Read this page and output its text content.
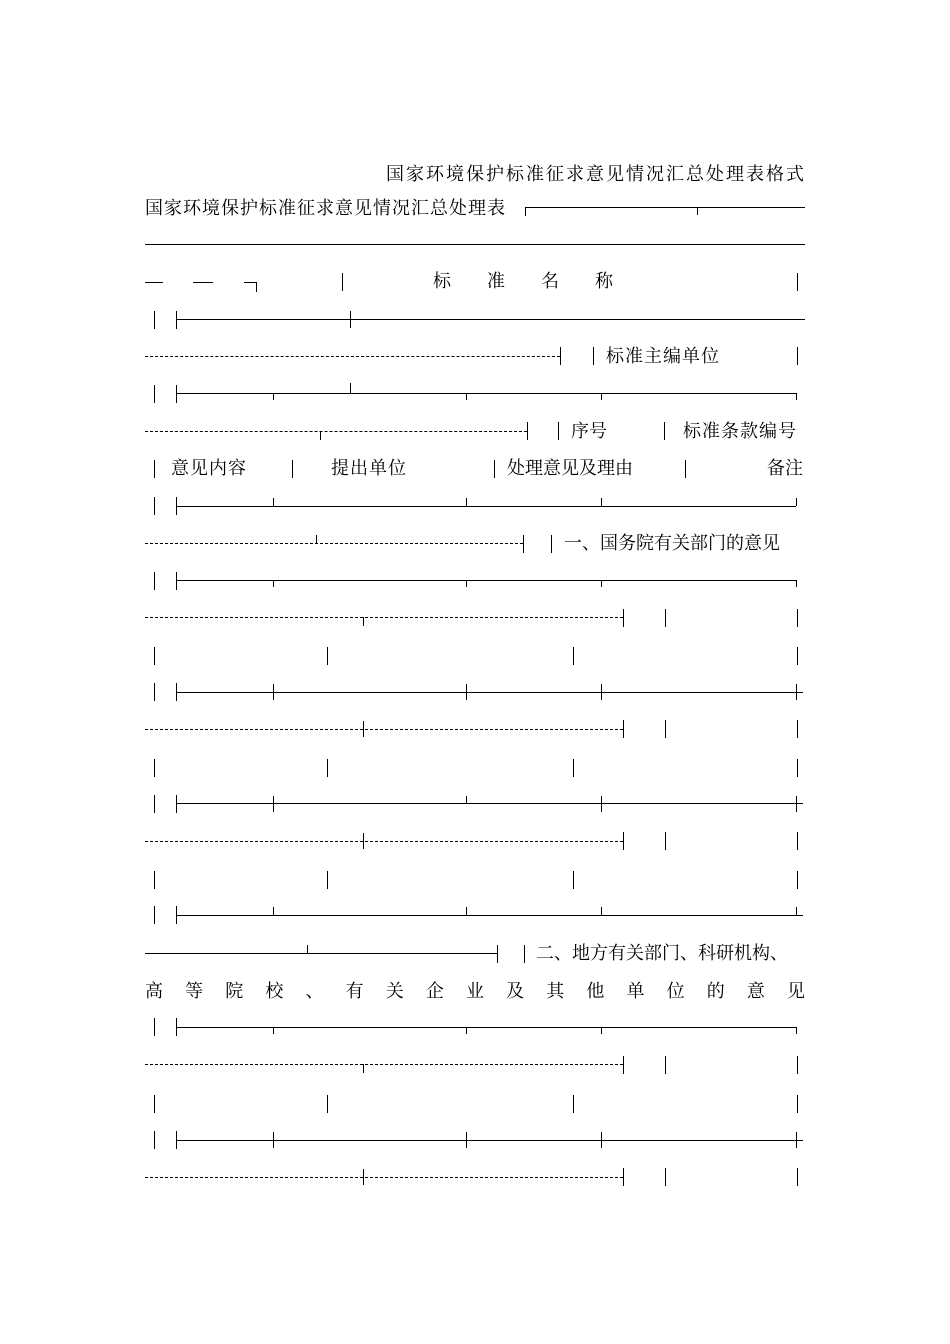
国家环境保护标准征求意见情况汇总处理表格式
国家环境保护标准征求意见情况汇总处理表
标　　准　　名　　称
标准主编单位
序号	标准条款编号
意见内容	提出单位	处理意见及理由	备注
一、国务院有关部门的意见
二、地方有关部门、科研机构、
高 等 院 校 、 有 关 企 业 及 其 他 单 位 的 意 见
